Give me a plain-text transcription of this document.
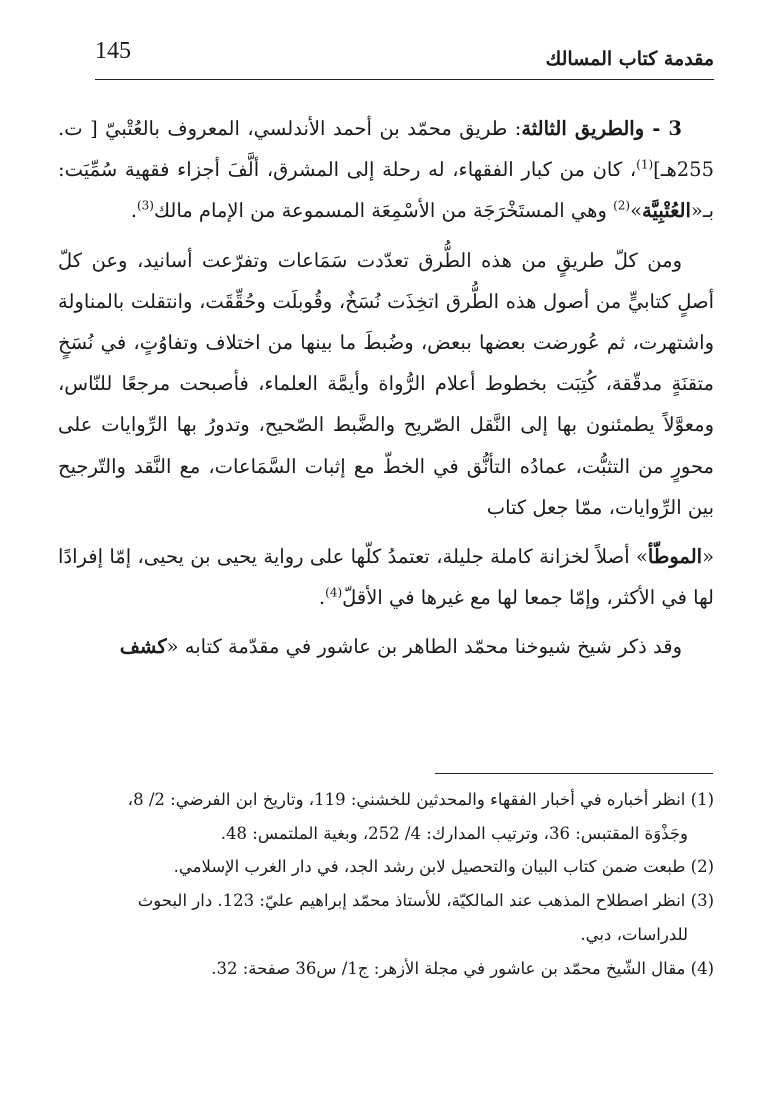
145	مقدمة كتاب المسالك

3 - والطريق الثالثة: طريق محمّد بن أحمد الأندلسي، المعروف بالعُتْبيّ [ ت. 255هـ]$^{(1)}$، كان من كبار الفقهاء، له رحلة إلى المشرق، ألَّفَ أجزاء فقهية سُمِّيَت: بـ«العُتْبِيَّة»$^{(2)}$ وهي المستَخْرَجَة من الأسْمِعَة المسموعة من الإمام مالك$^{(3)}$.

ومن كلّ طريقٍ من هذه الطُّرق تعدّدت سَمَاعات وتفرّعت أسانيد، وعن كلّ أصلٍ كتابيٍّ من أصول هذه الطُّرق اتخِذَت نُسَخٌ، وقُوبلَت وحُقِّقَت، وانتقلت بالمناولة واشتهرت، ثم عُورضت بعضها ببعض، وضُبطَ ما بينها من اختلاف وتفاوُتٍ، في نُسَخٍ متقنَةٍ مدقّقة، كُتِبَت بخطوط أعلام الرُّواة وأيمَّة العلماء، فأصبحت مرجعًا للنّاس، ومعوَّلاً يطمئنون بها إلى النَّقل الصّريح والضَّبط الصّحيح، وتدورُ بها الرِّوايات على محورٍ من التثبُّت، عمادُه التأنُّق في الخطّ مع إثبات السَّمَاعات، مع النَّقد والتّرجيح بين الرِّوايات، ممّا جعل كتاب

«الموطّأ» أصلاً لخزانة كاملة جليلة، تعتمدُ كلّها على رواية يحيى بن يحيى، إمّا إفرادًا لها في الأكثر، وإمّا جمعا لها مع غيرها في الأقلّ$^{(4)}$.

وقد ذكر شيخ شيوخنا محمّد الطاهر بن عاشور في مقدّمة كتابه «كشف

(1) انظر أخباره في أخبار الفقهاء والمحدثين للخشني: 119، وتاريخ ابن الفرضي: 2/ 8،
وجَذْوَة المقتبس: 36، وترتيب المدارك: 4/ 252، وبغية الملتمس: 48.
(2) طبعت ضمن كتاب البيان والتحصيل لابن رشد الجد، في دار الغرب الإسلامي.
(3) انظر اصطلاح المذهب عند المالكيّة، للأستاذ محمّد إبراهيم عليّ: 123. دار البحوث
للدراسات، دبي.
(4) مقال الشّيخ محمّد بن عاشور في مجلة الأزهر: ج1/ س36 صفحة: 32.
